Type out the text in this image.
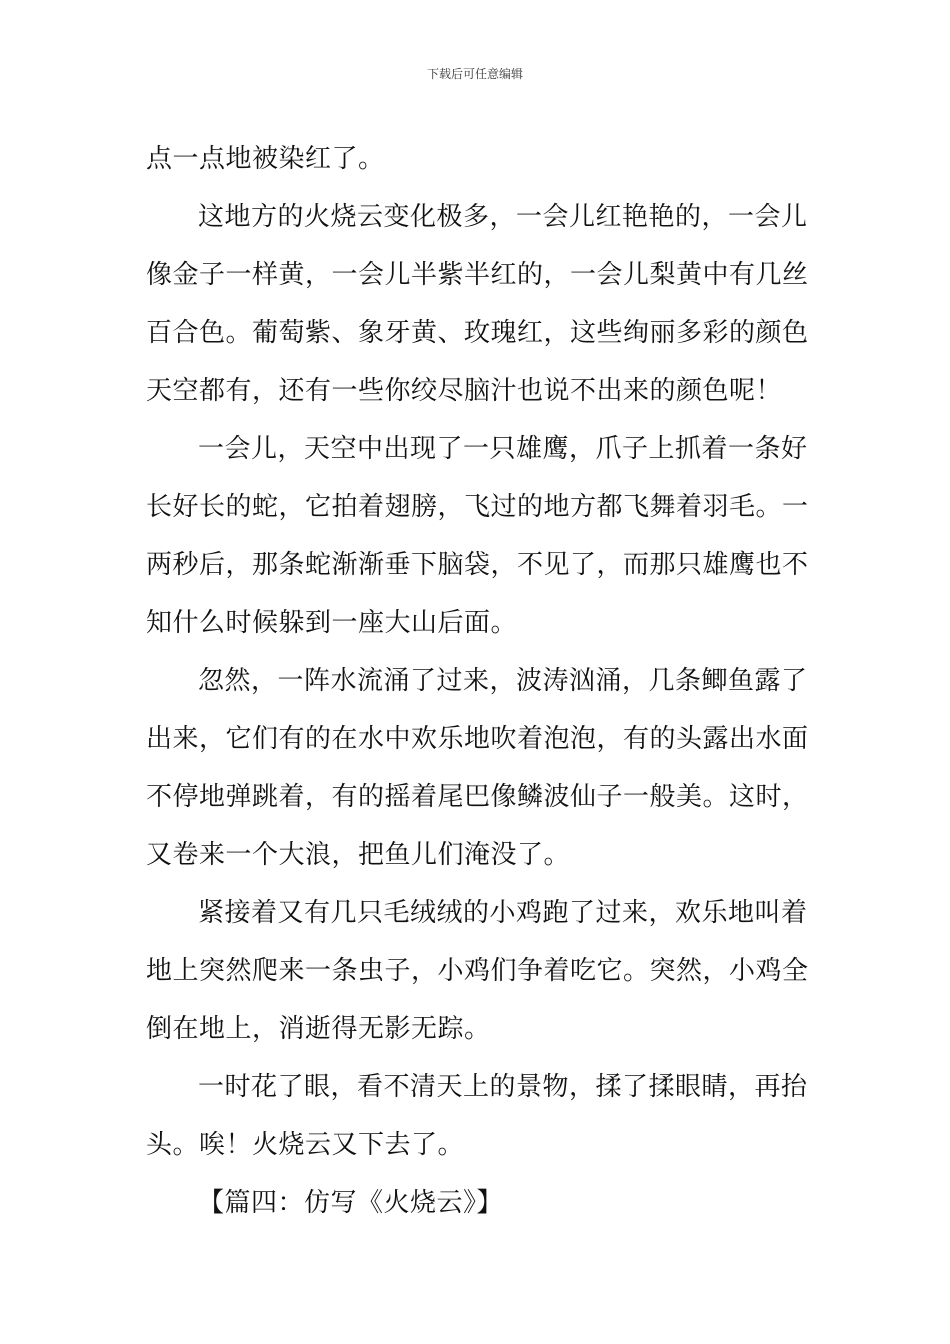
下载后可任意编辑
点一点地被染红了。
这地方的火烧云变化极多，一会儿红艳艳的，一会儿
像金子一样黄，一会儿半紫半红的，一会儿梨黄中有几丝
百合色。葡萄紫、象牙黄、玫瑰红，这些绚丽多彩的颜色
天空都有，还有一些你绞尽脑汁也说不出来的颜色呢！
一会儿，天空中出现了一只雄鹰，爪子上抓着一条好
长好长的蛇，它拍着翅膀，飞过的地方都飞舞着羽毛。一
两秒后，那条蛇渐渐垂下脑袋，不见了，而那只雄鹰也不
知什么时候躲到一座大山后面。
忽然，一阵水流涌了过来，波涛汹涌，几条鲫鱼露了
出来，它们有的在水中欢乐地吹着泡泡，有的头露出水面
不停地弹跳着，有的摇着尾巴像鳞波仙子一般美。这时，
又卷来一个大浪，把鱼儿们淹没了。
紧接着又有几只毛绒绒的小鸡跑了过来，欢乐地叫着
地上突然爬来一条虫子，小鸡们争着吃它。突然，小鸡全
倒在地上，消逝得无影无踪。
一时花了眼，看不清天上的景物，揉了揉眼睛，再抬
头。唉！火烧云又下去了。
【篇四：仿写《火烧云》】
